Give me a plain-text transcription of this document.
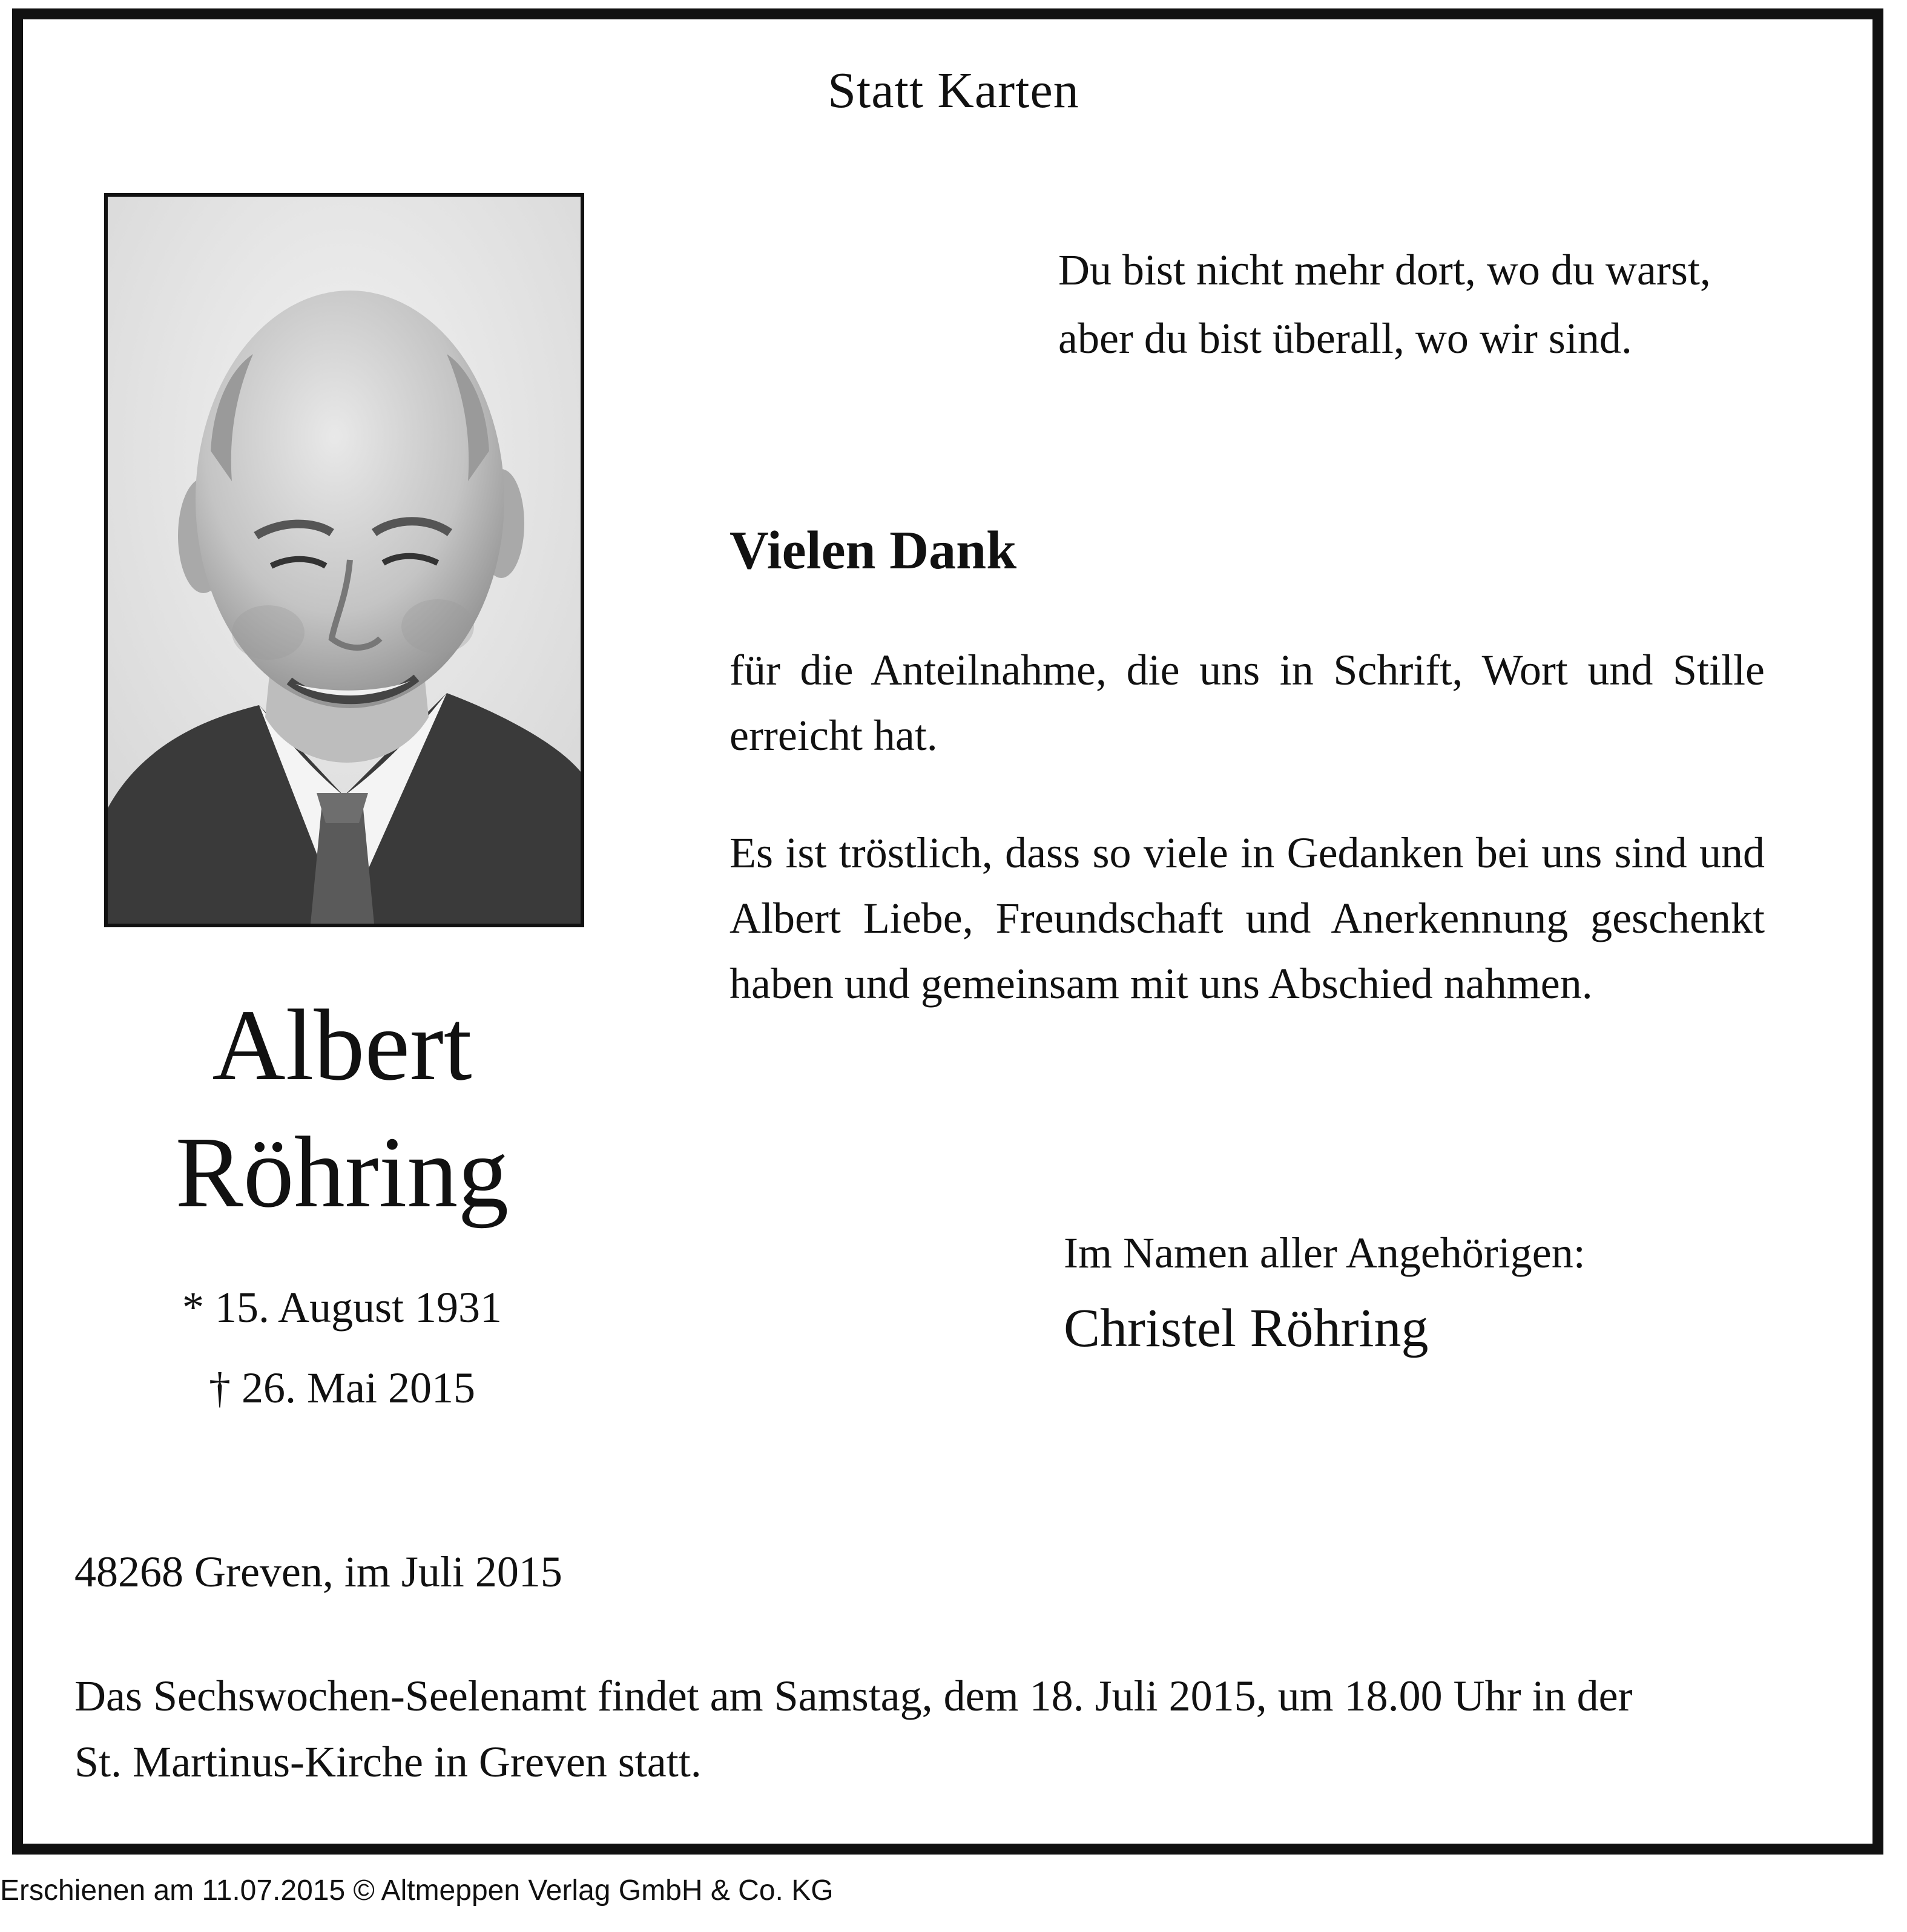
Statt Karten
Du bist nicht mehr dort, wo du warst,
aber du bist überall, wo wir sind.
Vielen Dank
für die Anteilnahme, die uns in Schrift, Wort und Stille erreicht hat.
Es ist tröstlich, dass so viele in Gedanken bei uns sind und Albert Liebe, Freundschaft und Anerkennung geschenkt haben und gemeinsam mit uns Abschied nahmen.
Albert
Röhring
* 15. August 1931
† 26. Mai 2015
Im Namen aller Angehörigen:
Christel Röhring
48268 Greven, im Juli 2015
Das Sechswochen-Seelenamt findet am Samstag, dem 18. Juli 2015, um 18.00 Uhr in der
St. Martinus-Kirche in Greven statt.
Erschienen am 11.07.2015 © Altmeppen Verlag GmbH & Co. KG
